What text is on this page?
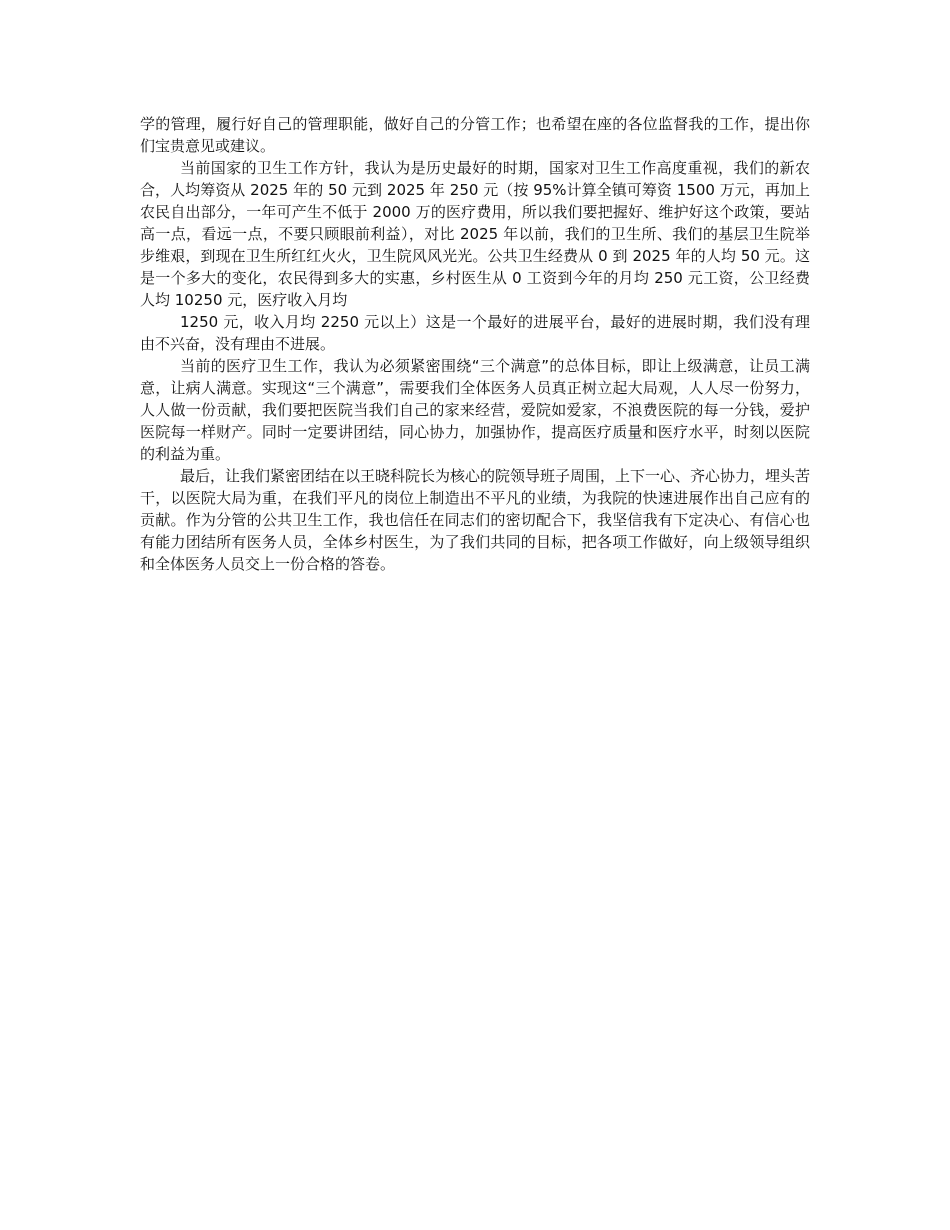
学的管理，履行好自己的管理职能，做好自己的分管工作；也希望在座的各位监督我的工作，提出你们宝贵意见或建议。

当前国家的卫生工作方针，我认为是历史最好的时期，国家对卫生工作高度重视，我们的新农合，人均筹资从 2025 年的 50 元到 2025 年 250 元（按 95%计算全镇可筹资 1500 万元，再加上农民自出部分，一年可产生不低于 2000 万的医疗费用，所以我们要把握好、维护好这个政策，要站高一点，看远一点，不要只顾眼前利益），对比 2025 年以前，我们的卫生所、我们的基层卫生院举步维艰，到现在卫生所红红火火，卫生院风风光光。公共卫生经费从 0 到 2025 年的人均 50 元。这是一个多大的变化，农民得到多大的实惠，乡村医生从 0 工资到今年的月均 250 元工资，公卫经费人均 10250 元，医疗收入月均

1250 元，收入月均 2250 元以上）这是一个最好的进展平台，最好的进展时期，我们没有理由不兴奋，没有理由不进展。

当前的医疗卫生工作，我认为必须紧密围绕“三个满意”的总体目标，即让上级满意，让员工满意，让病人满意。实现这“三个满意”，需要我们全体医务人员真正树立起大局观，人人尽一份努力，人人做一份贡献，我们要把医院当我们自己的家来经营，爱院如爱家，不浪费医院的每一分钱，爱护医院每一样财产。同时一定要讲团结，同心协力，加强协作，提高医疗质量和医疗水平，时刻以医院的利益为重。

最后，让我们紧密团结在以王晓科院长为核心的院领导班子周围，上下一心、齐心协力，埋头苦干，以医院大局为重，在我们平凡的岗位上制造出不平凡的业绩，为我院的快速进展作出自己应有的贡献。作为分管的公共卫生工作，我也信任在同志们的密切配合下，我坚信我有下定决心、有信心也有能力团结所有医务人员，全体乡村医生，为了我们共同的目标，把各项工作做好，向上级领导组织和全体医务人员交上一份合格的答卷。
